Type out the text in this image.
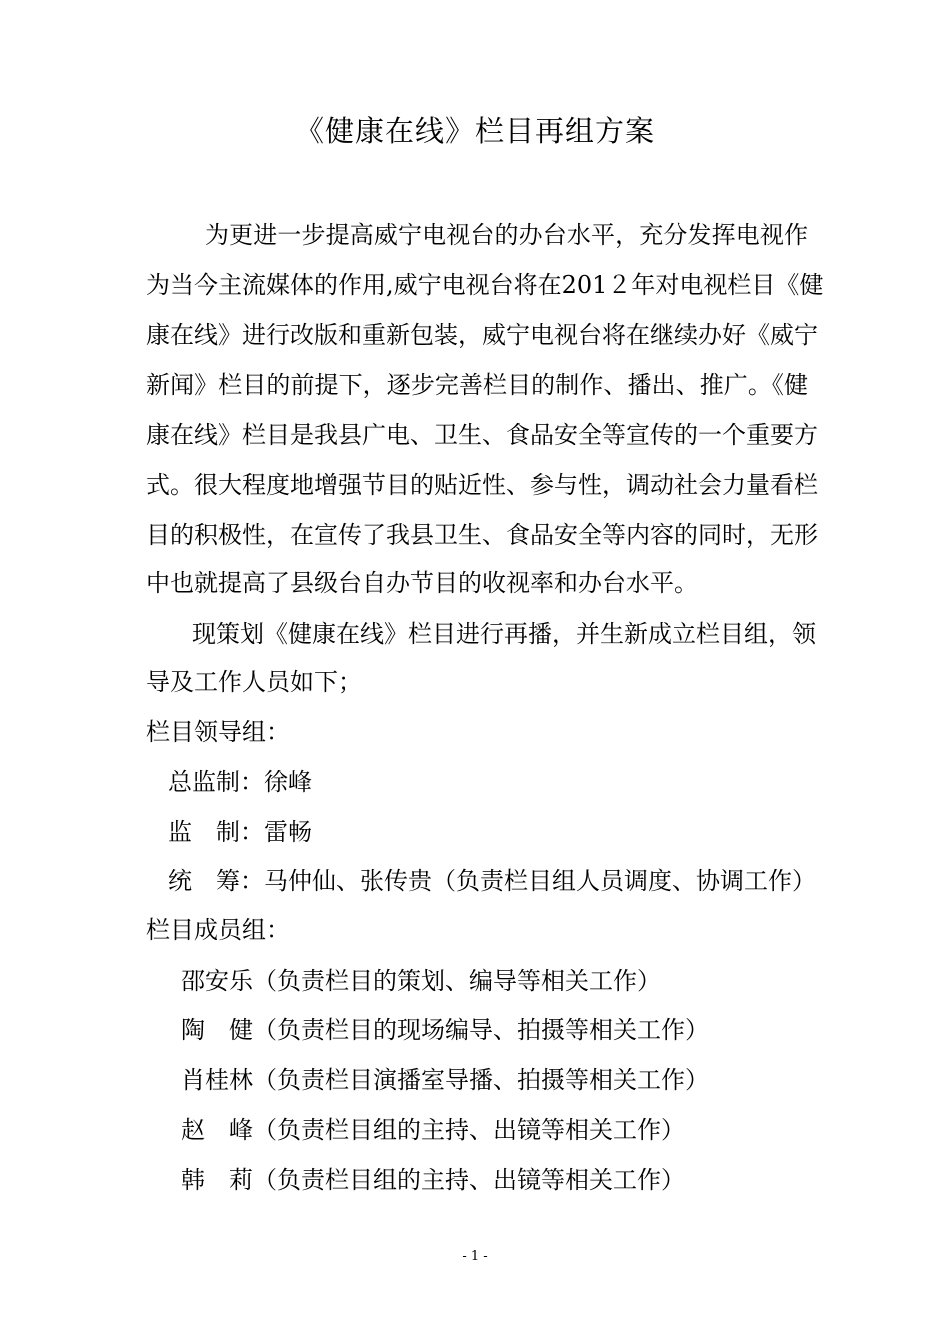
《健康在线》栏目再组方案
为更进一步提高威宁电视台的办台水平，充分发挥电视作
为当今主流媒体的作用,威宁电视台将在201２年对电视栏目《健
康在线》进行改版和重新包装，威宁电视台将在继续办好《威宁
新闻》栏目的前提下，逐步完善栏目的制作、播出、推广。《健
康在线》栏目是我县广电、卫生、食品安全等宣传的一个重要方
式。很大程度地增强节目的贴近性、参与性，调动社会力量看栏
目的积极性，在宣传了我县卫生、食品安全等内容的同时，无形
中也就提高了县级台自办节目的收视率和办台水平。
现策划《健康在线》栏目进行再播，并生新成立栏目组，领
导及工作人员如下；
栏目领导组：
总监制：徐峰
监　制：雷畅
统　筹：马仲仙、张传贵（负责栏目组人员调度、协调工作）
栏目成员组：
邵安乐（负责栏目的策划、编导等相关工作）
陶　健（负责栏目的现场编导、拍摄等相关工作）
肖桂林（负责栏目演播室导播、拍摄等相关工作）
赵　峰（负责栏目组的主持、出镜等相关工作）
韩　莉（负责栏目组的主持、出镜等相关工作）
- 1 -
